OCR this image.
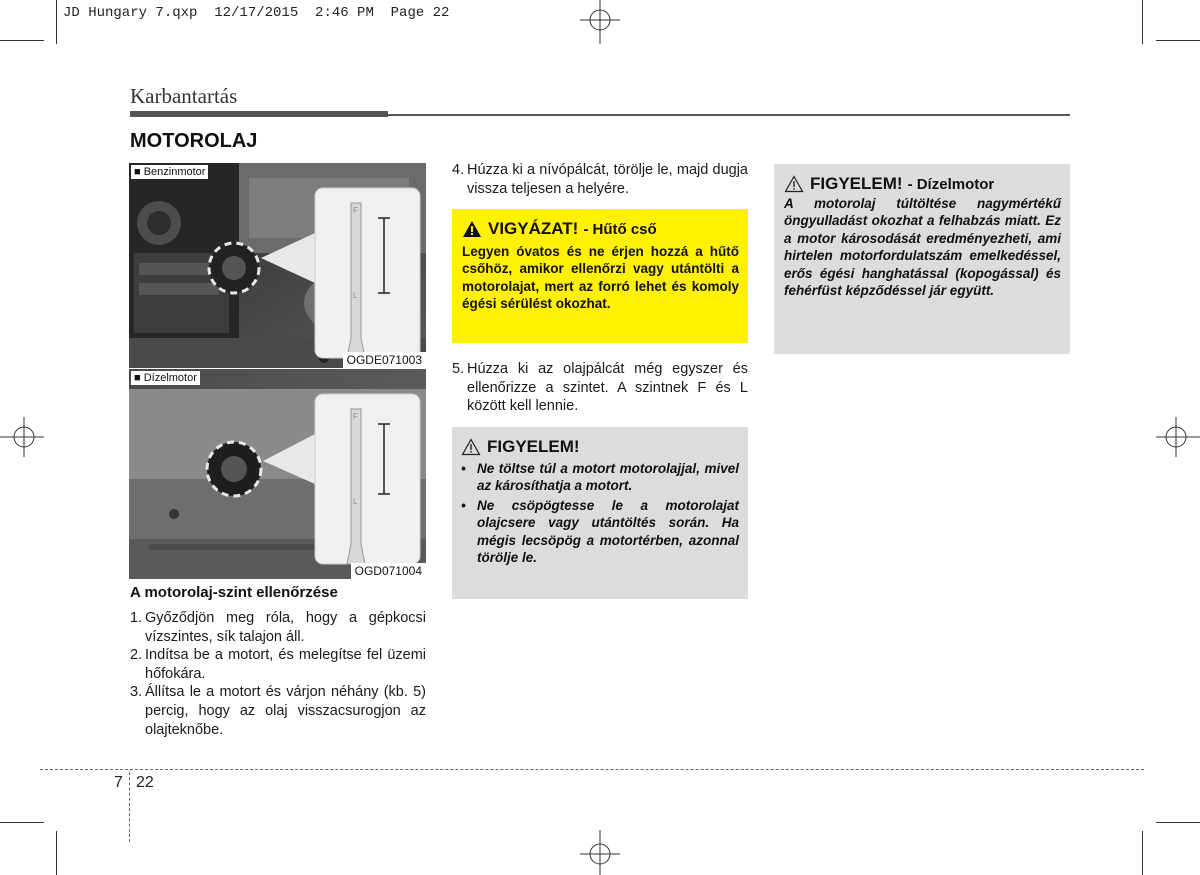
JD Hungary 7.qxp  12/17/2015  2:46 PM  Page 22
Karbantartás
MOTOROLAJ
F
L
■ Benzinmotor
OGDE071003
F
L
■ Dízelmotor
OGD071004
A motorolaj-szint ellenőrzése
1. Győződjön meg róla, hogy a gépkocsi vízszintes, sík talajon áll.
2. Indítsa be a motort, és melegítse fel üzemi hőfokára.
3. Állítsa le a motort és várjon néhány (kb. 5) percig, hogy az olaj visszacsurogjon az olajteknőbe.
4. Húzza ki a nívópálcát, törölje le, majd dugja vissza teljesen a helyére.
VIGYÁZAT! - Hűtő cső
Legyen óvatos és ne érjen hozzá a hűtő csőhöz, amikor ellenőrzi vagy utántölti a motorolajat, mert az forró lehet és komoly égési sérülést okozhat.
5. Húzza ki az olajpálcát még egyszer és ellenőrizze a szintet. A szintnek F és L között kell lennie.
FIGYELEM!
• Ne töltse túl a motort motorolajjal, mivel az károsíthatja a motort.
• Ne csöpögtesse le a motorolajat olajcsere vagy utántöltés során. Ha mégis lecsöpög a motortérben, azonnal törölje le.
FIGYELEM! - Dízelmotor
A motorolaj túltöltése nagymértékű öngyulladást okozhat a felhabzás miatt. Ez a motor károsodását eredményezheti, ami hirtelen motorfordulatszám emelkedéssel, erős égési hanghatással (kopogással) és fehérfüst képződéssel jár együtt.
7 22
